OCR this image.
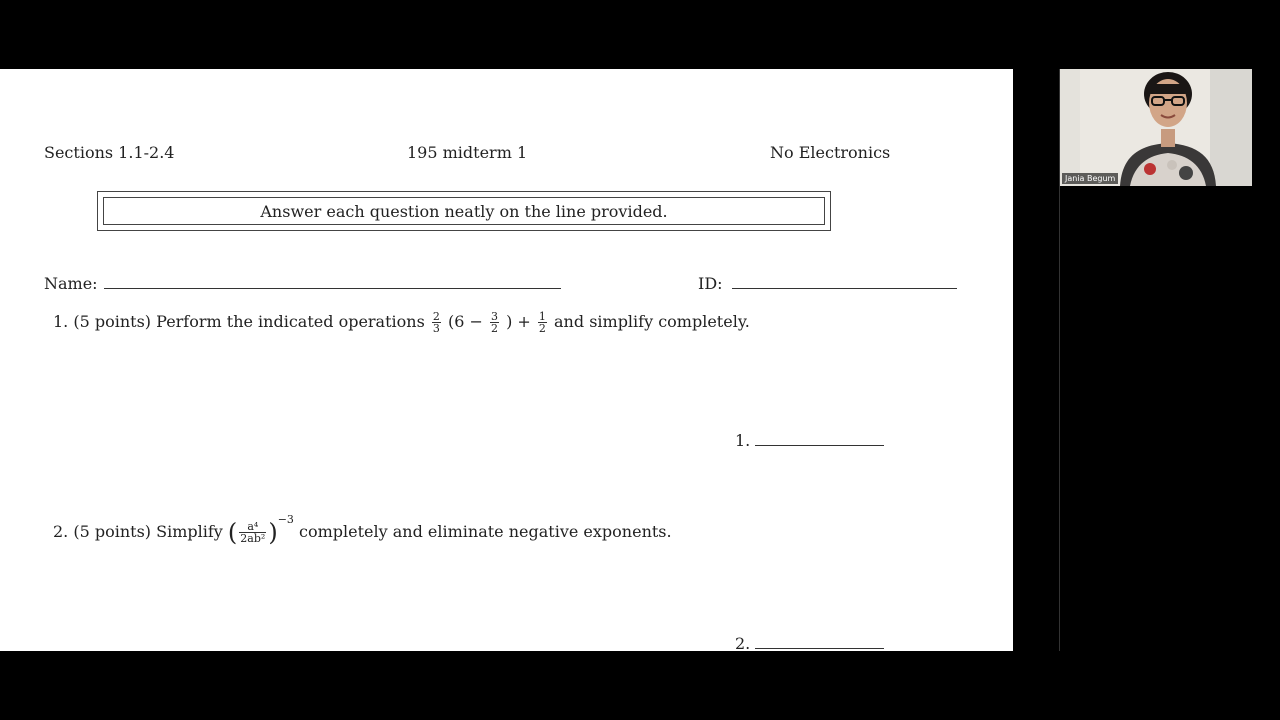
Sections 1.1-2.4	195 midterm 1	No Electronics
Answer each question neatly on the line provided.
Name:	ID:
1. (5 points) Perform the indicated operations $\frac{2}{3} (6 - \frac{3}{2}$ ) + $\frac{1}{2}$ and simplify completely.
1.
2. (5 points) Simplify ( $\frac{\text{a⁴}}{\text{2ab²}} )^{-3}$ completely and eliminate negative exponents.
2.
Jania Begum
